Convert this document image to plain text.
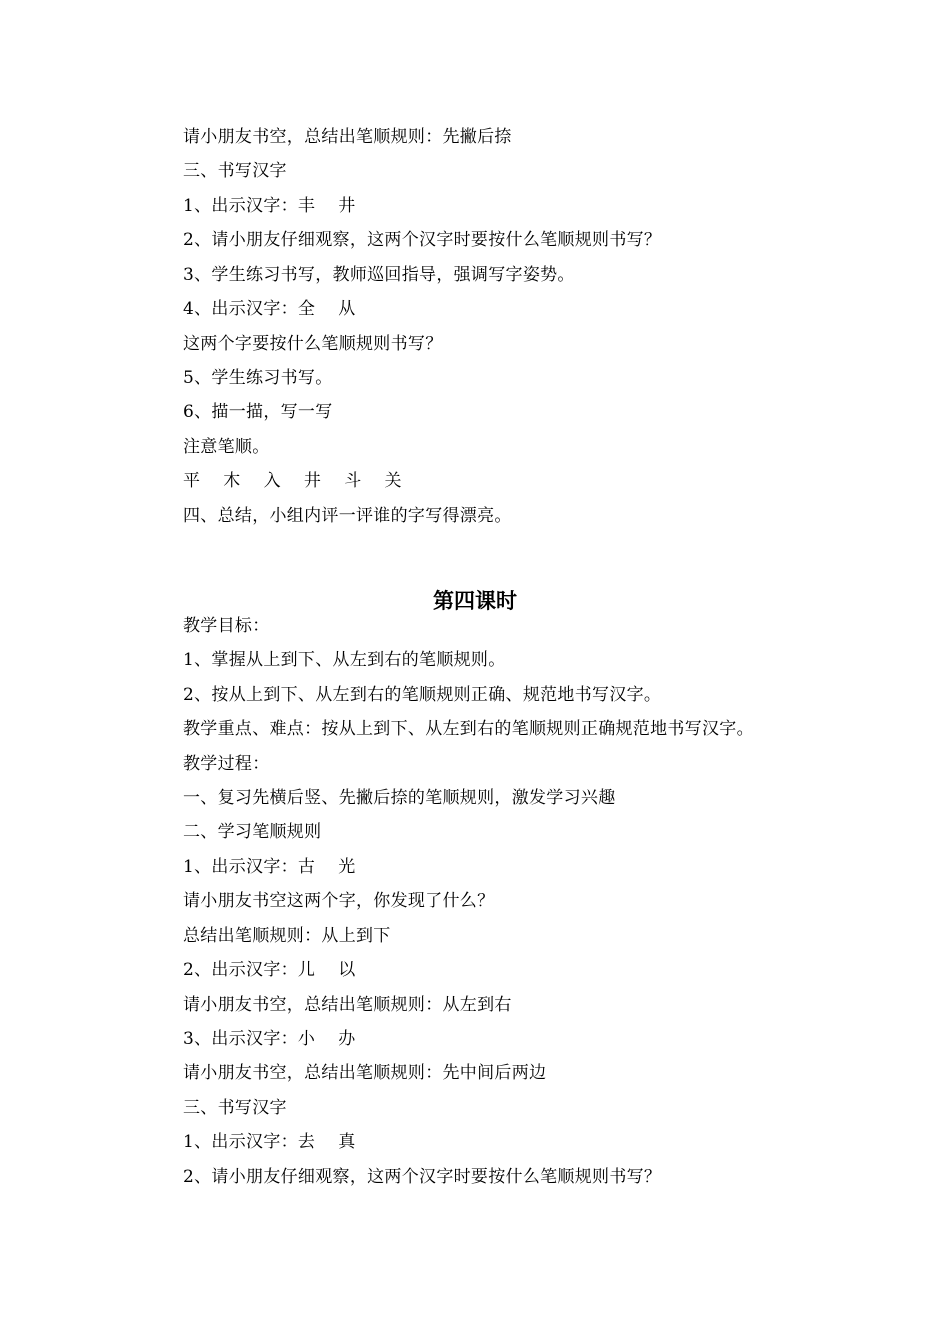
请小朋友书空，总结出笔顺规则：先撇后捺
三、书写汉字
1、出示汉字：丰　 井
2、请小朋友仔细观察，这两个汉字时要按什么笔顺规则书写？
3、学生练习书写，教师巡回指导，强调写字姿势。
4、出示汉字：全　 从
这两个字要按什么笔顺规则书写？
5、学生练习书写。
6、描一描，写一写
注意笔顺。
平　 木　 入　 井　 斗　 关
四、总结，小组内评一评谁的字写得漂亮。
第四课时
教学目标：
1、掌握从上到下、从左到右的笔顺规则。
2、按从上到下、从左到右的笔顺规则正确、规范地书写汉字。
教学重点、难点：按从上到下、从左到右的笔顺规则正确规范地书写汉字。
教学过程：
一、复习先横后竖、先撇后捺的笔顺规则，激发学习兴趣
二、学习笔顺规则
1、出示汉字：古　 光
请小朋友书空这两个字，你发现了什么？
总结出笔顺规则：从上到下
2、出示汉字：儿　 以
请小朋友书空，总结出笔顺规则：从左到右
3、出示汉字：小　 办
请小朋友书空，总结出笔顺规则：先中间后两边
三、书写汉字
1、出示汉字：去　 真
2、请小朋友仔细观察，这两个汉字时要按什么笔顺规则书写？
